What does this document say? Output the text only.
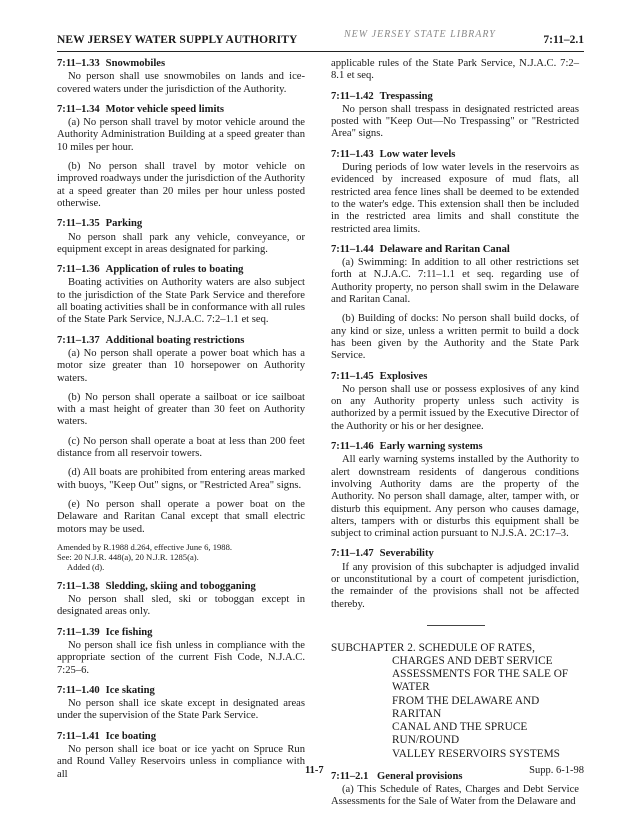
NEW JERSEY WATER SUPPLY AUTHORITY	NEW JERSEY STATE LIBRARY	7:11–2.1
7:11–1.33 Snowmobiles

No person shall use snowmobiles on lands and ice-covered waters under the jurisdiction of the Authority.

7:11–1.34 Motor vehicle speed limits

(a) No person shall travel by motor vehicle around the Authority Administration Building at a speed greater than 10 miles per hour.

(b) No person shall travel by motor vehicle on improved roadways under the jurisdiction of the Authority at a speed greater than 20 miles per hour unless posted otherwise.

7:11–1.35 Parking

No person shall park any vehicle, conveyance, or equipment except in areas designated for parking.

7:11–1.36 Application of rules to boating

Boating activities on Authority waters are also subject to the jurisdiction of the State Park Service and therefore all boating activities shall be in conformance with all rules of the State Park Service, N.J.A.C. 7:2–1.1 et seq.

7:11–1.37 Additional boating restrictions

(a) No person shall operate a power boat which has a motor size greater than 10 horsepower on Authority waters.

(b) No person shall operate a sailboat or ice sailboat with a mast height of greater than 30 feet on Authority waters.

(c) No person shall operate a boat at less than 200 feet distance from all reservoir towers.

(d) All boats are prohibited from entering areas marked with buoys, "Keep Out" signs, or "Restricted Area" signs.

(e) No person shall operate a power boat on the Delaware and Raritan Canal except that small electric motors may be used.

Amended by R.1988 d.264, effective June 6, 1988.
See: 20 N.J.R. 448(a), 20 N.J.R. 1285(a).
Added (d).
7:11–1.38 Sledding, skiing and tobogganing

No person shall sled, ski or toboggan except in designated areas only.

7:11–1.39 Ice fishing

No person shall ice fish unless in compliance with the appropriate section of the current Fish Code, N.J.A.C. 7:25–6.

7:11–1.40 Ice skating

No person shall ice skate except in designated areas under the supervision of the State Park Service.

7:11–1.41 Ice boating

No person shall ice boat or ice yacht on Spruce Run and Round Valley Reservoirs unless in compliance with all

applicable rules of the State Park Service, N.J.A.C. 7:2–8.1 et seq.

7:11–1.42 Trespassing

No person shall trespass in designated restricted areas posted with "Keep Out—No Trespassing" or "Restricted Area" signs.

7:11–1.43 Low water levels

During periods of low water levels in the reservoirs as evidenced by increased exposure of mud flats, all restricted area fence lines shall be deemed to be extended to the water's edge. This extension shall then be included in the restricted area limits and shall constitute the restricted area limits.

7:11–1.44 Delaware and Raritan Canal

(a) Swimming: In addition to all other restrictions set forth at N.J.A.C. 7:11–1.1 et seq. regarding use of Authority property, no person shall swim in the Delaware and Raritan Canal.

(b) Building of docks: No person shall build docks, of any kind or size, unless a written permit to build a dock has been given by the Authority and the State Park Service.

7:11–1.45 Explosives

No person shall use or possess explosives of any kind on any Authority property unless such activity is authorized by a permit issued by the Executive Director of the Authority or his or her designee.

7:11–1.46 Early warning systems

All early warning systems installed by the Authority to alert downstream residents of dangerous conditions involving Authority dams are the property of the Authority. No person shall damage, alter, tamper with, or disturb this equipment. Any person who causes damage, alters, tampers with or disturbs this equipment shall be subject to criminal action pursuant to N.J.S.A. 2C:17–3.

7:11–1.47 Severability

If any provision of this subchapter is adjudged invalid or unconstitutional by a court of competent jurisdiction, the remainder of the provisions shall not be affected thereby.

SUBCHAPTER 2. SCHEDULE OF RATES,
CHARGES AND DEBT SERVICE
ASSESSMENTS FOR THE SALE OF WATER
FROM THE DELAWARE AND RARITAN
CANAL AND THE SPRUCE RUN/ROUND
VALLEY RESERVOIRS SYSTEMS
7:11–2.1 General provisions

(a) This Schedule of Rates, Charges and Debt Service Assessments for the Sale of Water from the Delaware and

11-7	Supp. 6-1-98
